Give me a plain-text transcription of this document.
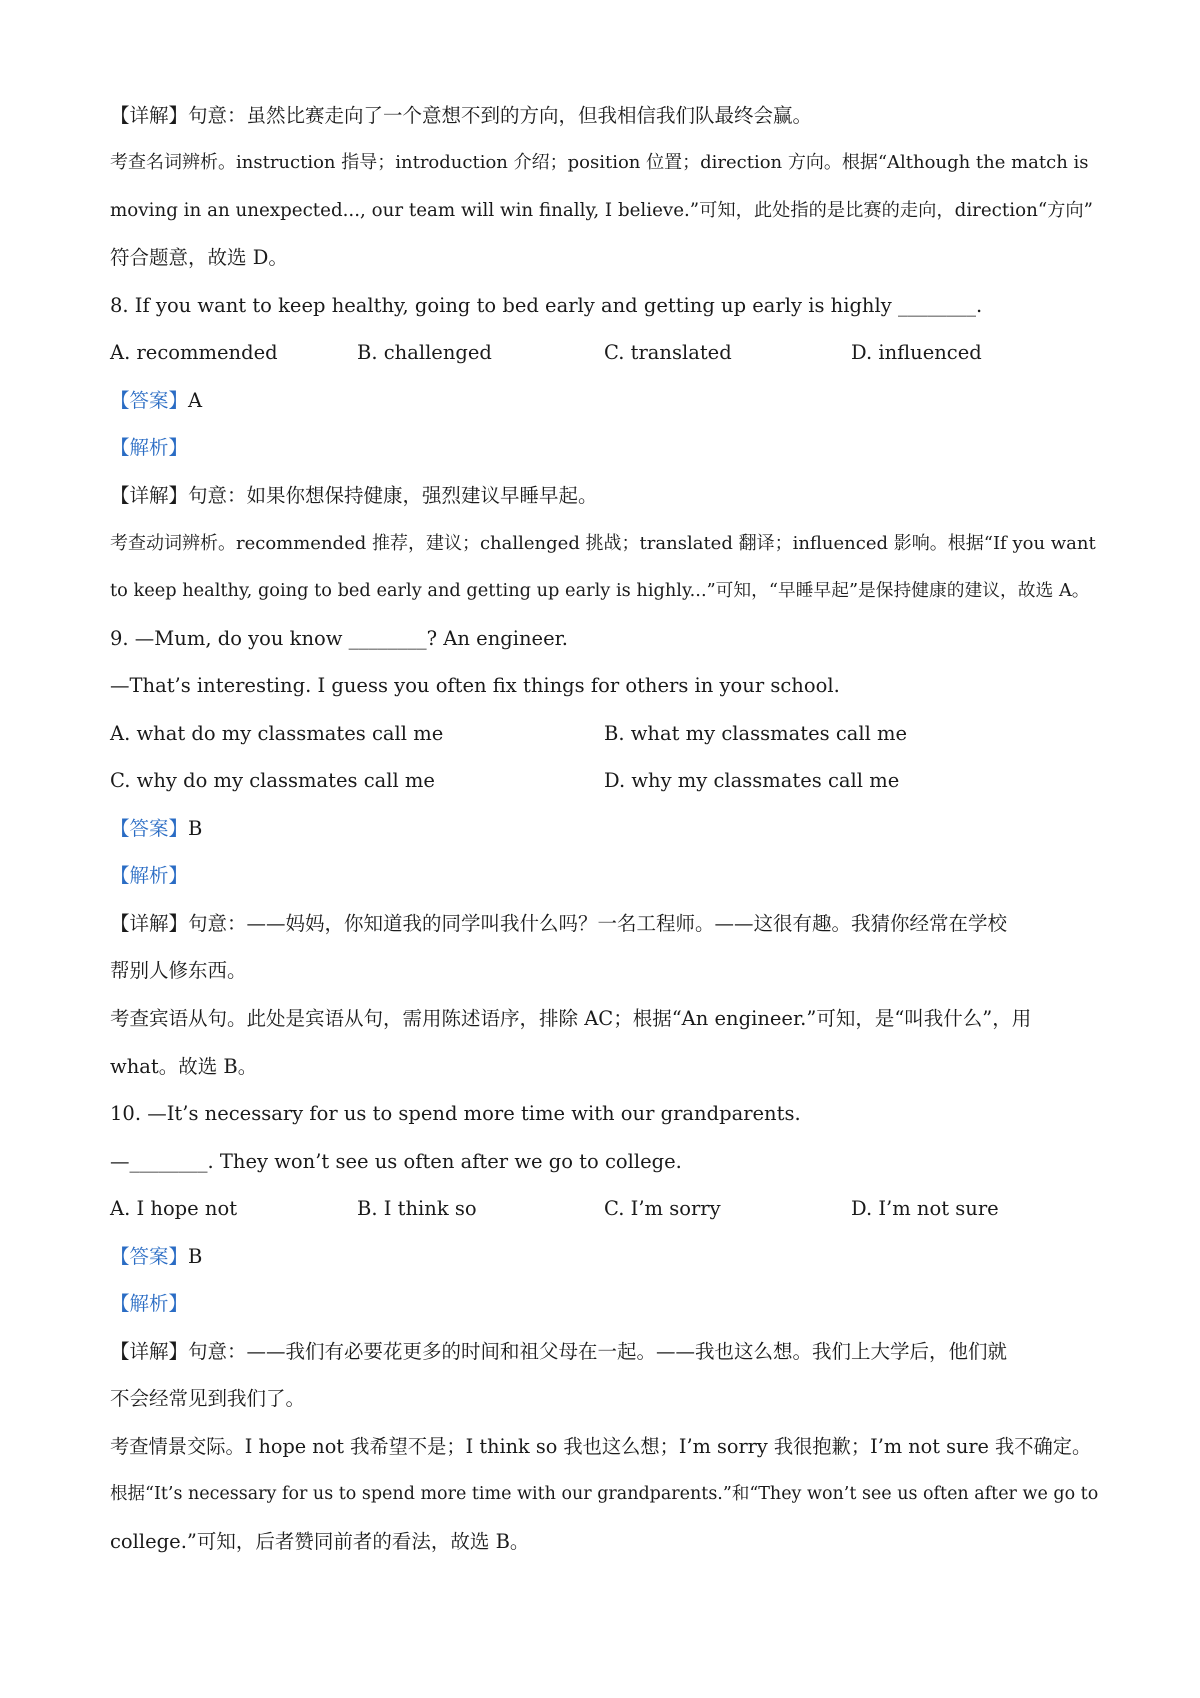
【详解】句意：虽然比赛走向了一个意想不到的方向，但我相信我们队最终会赢。
考查名词辨析。instruction 指导；introduction 介绍；position 位置；direction 方向。根据“Although the match is
moving in an unexpected..., our team will win finally, I believe.”可知，此处指的是比赛的走向，direction“方向”
符合题意，故选 D。
8. If you want to keep healthy, going to bed early and getting up early is highly ________.
A. recommended	B. challenged	C. translated	D. influenced
【答案】A
【解析】
【详解】句意：如果你想保持健康，强烈建议早睡早起。
考查动词辨析。recommended 推荐，建议；challenged 挑战；translated 翻译；influenced 影响。根据“If you want
to keep healthy, going to bed early and getting up early is highly...”可知，“早睡早起”是保持健康的建议，故选 A。
9. —Mum, do you know ________? An engineer.
—That’s interesting. I guess you often fix things for others in your school.
A. what do my classmates call me	B. what my classmates call me
C. why do my classmates call me	D. why my classmates call me
【答案】B
【解析】
【详解】句意：——妈妈，你知道我的同学叫我什么吗？一名工程师。——这很有趣。我猜你经常在学校
帮别人修东西。
考查宾语从句。此处是宾语从句，需用陈述语序，排除 AC；根据“An engineer.”可知，是“叫我什么”，用
what。故选 B。
10. —It’s necessary for us to spend more time with our grandparents.
—________. They won’t see us often after we go to college.
A. I hope not	B. I think so	C. I’m sorry	D. I’m not sure
【答案】B
【解析】
【详解】句意：——我们有必要花更多的时间和祖父母在一起。——我也这么想。我们上大学后，他们就
不会经常见到我们了。
考查情景交际。I hope not 我希望不是；I think so 我也这么想；I’m sorry 我很抱歉；I’m not sure 我不确定。
根据“It’s necessary for us to spend more time with our grandparents.”和“They won’t see us often after we go to
college.”可知，后者赞同前者的看法，故选 B。
